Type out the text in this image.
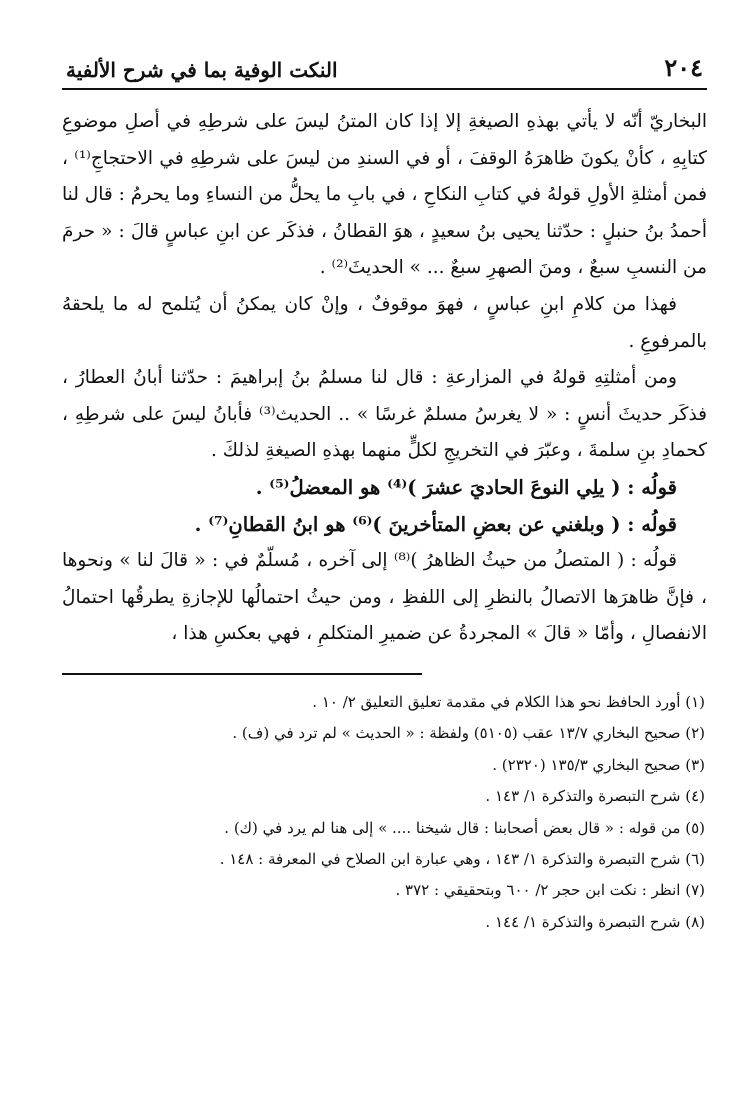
٢٠٤
النكت الوفية بما في شرح الألفية

البخاريّ أنّه لا يأتي بهذهِ الصيغةِ إلا إذا كان المتنُ ليسَ على شرطِهِ في أصلِ موضوعِ كتابِهِ ، كأنْ يكونَ ظاهرَهُ الوقفَ ، أو في السندِ من ليسَ على شرطِهِ في الاحتجاجِ⁽¹⁾ ، فمن أمثلةِ الأولِ قولهُ في كتابِ النكاحِ ، في بابِ ما يحلُّ من النساءِ وما يحرمُ : قال لنا أحمدُ بنُ حنبلٍ : حدّثنا يحيى بنُ سعيدٍ ، هوَ القطانُ ، فذكَر عن ابنِ عباسٍ قالَ : « حرمَ من النسبِ سبعٌ ، ومنَ الصهرِ سبعٌ ... » الحديثَ⁽²⁾ .

فهذا من كلامِ ابنِ عباسٍ ، فهوَ موقوفٌ ، وإنْ كان يمكنُ أن يُتلمح له ما يلحقهُ بالمرفوعِ .

ومن أمثلتِهِ قولهُ في المزارعةِ : قال لنا مسلمُ بنُ إبراهيمَ : حدّثنا أبانُ العطارُ ، فذكَر حديثَ أنسٍ : « لا يغرسُ مسلمٌ غرسًا » .. الحديث⁽³⁾ فأبانُ ليسَ على شرطِهِ ، كحمادِ بنِ سلمةَ ، وعبّرَ في التخريجِ لكلٍّ منهما بهذهِ الصيغةِ لذلكَ .

قولُه : ( يلِي النوعَ الحاديَ عشرَ )⁽⁴⁾ هو المعضلُ⁽⁵⁾ .

قولُه : ( وبلغني عن بعضِ المتأخرينَ )⁽⁶⁾ هو ابنُ القطانِ⁽⁷⁾ .

قولُه : ( المتصلُ من حيثُ الظاهرُ )⁽⁸⁾ إلى آخره ، مُسلّمٌ في : « قالَ لنا » ونحوها ، فإنَّ ظاهرَها الاتصالُ بالنظرِ إلى اللفظِ ، ومن حيثُ احتمالُها للإجازةِ يطرقُها احتمالُ الانفصالِ ، وأمّا « قالَ » المجردةُ عن ضميرِ المتكلمِ ، فهي بعكسِ هذا ،

(١) أورد الحافظ نحو هذا الكلام في مقدمة تعليق التعليق ٢/ ١٠ .

(٢) صحيح البخاري ١٣/٧ عقب (٥١٠٥) ولفظة : « الحديث » لم ترد في (ف) .

(٣) صحيح البخاري ١٣٥/٣ (٢٣٢٠) .

(٤) شرح التبصرة والتذكرة ١/ ١٤٣ .

(٥) من قوله : « قال بعض أصحابنا : قال شيخنا .... » إلى هنا لم يرد في (ك) .

(٦) شرح التبصرة والتذكرة ١/ ١٤٣ ، وهي عبارة ابن الصلاح في المعرفة : ١٤٨ .

(٧) انظر : نكت ابن حجر ٢/ ٦٠٠ وبتحقيقي : ٣٧٢ .

(٨) شرح التبصرة والتذكرة ١/ ١٤٤ .
